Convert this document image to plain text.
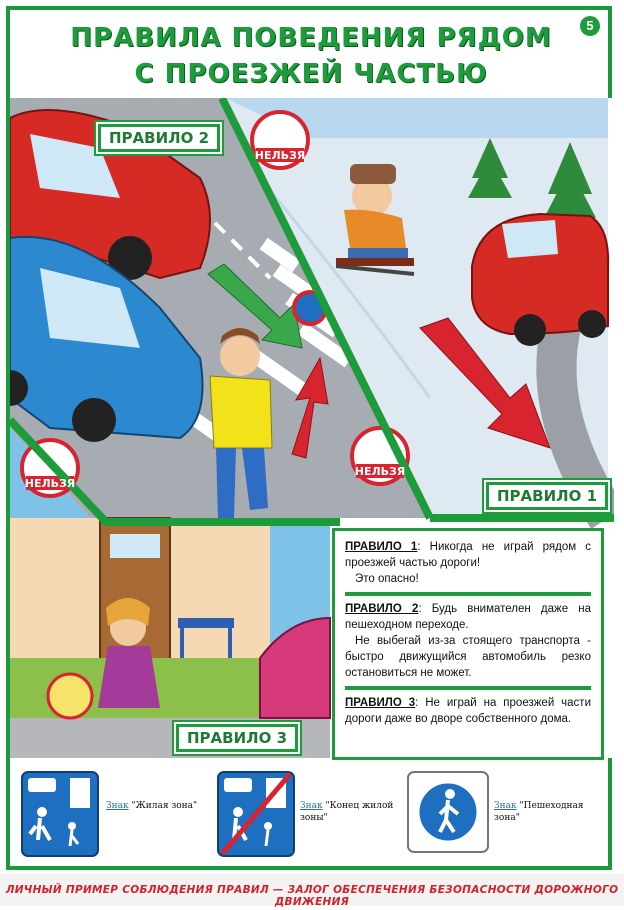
ПРАВИЛА ПОВЕДЕНИЯ РЯДОМ
С ПРОЕЗЖЕЙ ЧАСТЬЮ
5
НЕЛЬЗЯ
НЕЛЬЗЯ
НЕЛЬЗЯ
ПРАВИЛО 2
ПРАВИЛО 1
ПРАВИЛО 3

ПРАВИЛО 1: Никогда не играй рядом с проезжей частью дороги!

Это опасно!

ПРАВИЛО 2: Будь внимателен даже на пешеходном переходе.

Не выбегай из-за стоящего транспорта - быстро движущийся автомобиль резко остановиться не может.

ПРАВИЛО 3: Не играй на проезжей части дороги даже во дворе собственного дома.

Знак "Жилая зона"	Знак "Конец жилой зоны"
Знак "Пешеходная зона"
ЛИЧНЫЙ ПРИМЕР СОБЛЮДЕНИЯ ПРАВИЛ — ЗАЛОГ ОБЕСПЕЧЕНИЯ БЕЗОПАСНОСТИ ДОРОЖНОГО ДВИЖЕНИЯ
